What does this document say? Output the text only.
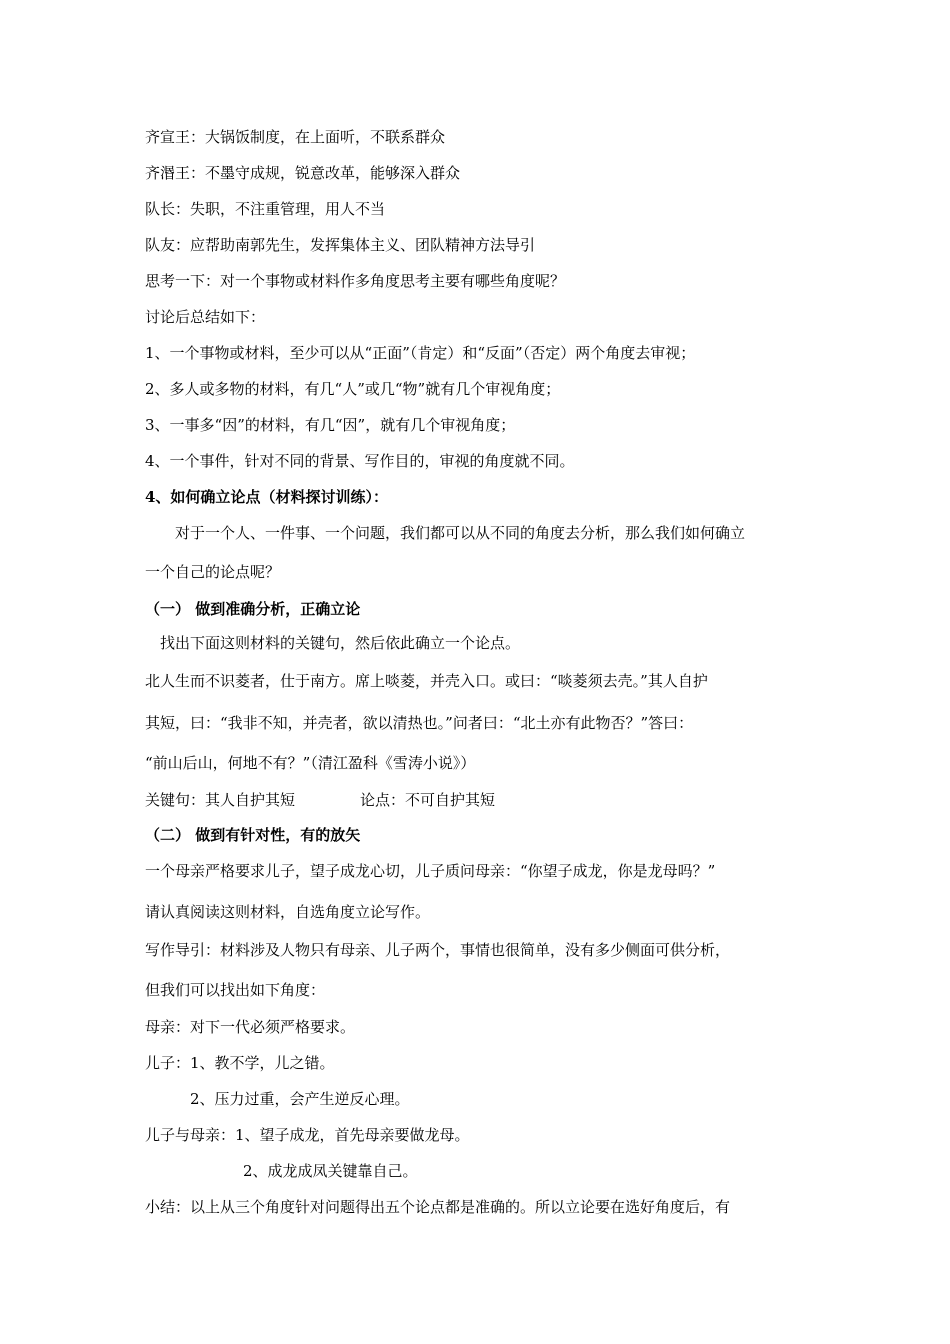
齐宣王：大锅饭制度，在上面听，不联系群众
齐湣王：不墨守成规，锐意改革，能够深入群众
队长：失职，不注重管理，用人不当
队友：应帮助南郭先生，发挥集体主义、团队精神方法导引
思考一下：对一个事物或材料作多角度思考主要有哪些角度呢？
讨论后总结如下：
1、一个事物或材料，至少可以从“正面”（肯定）和“反面”（否定）两个角度去审视；
2、多人或多物的材料，有几“人”或几“物”就有几个审视角度；
3、一事多“因”的材料，有几“因”，就有几个审视角度；
4、一个事件，针对不同的背景、写作目的，审视的角度就不同。
4、如何确立论点（材料探讨训练）：
对于一个人、一件事、一个问题，我们都可以从不同的角度去分析，那么我们如何确立
一个自己的论点呢？
（一） 做到准确分析，正确立论
找出下面这则材料的关键句，然后依此确立一个论点。
北人生而不识菱者，仕于南方。席上啖菱，并壳入口。或曰：“啖菱须去壳。”其人自护
其短，曰：“我非不知，并壳者，欲以清热也。”问者曰：“北土亦有此物否？”答曰：
“前山后山，何地不有？”（清江盈科《雪涛小说》）
关键句：其人自护其短	论点：不可自护其短
（二） 做到有针对性，有的放矢
一个母亲严格要求儿子，望子成龙心切，儿子质问母亲：“你望子成龙，你是龙母吗？”
请认真阅读这则材料，自选角度立论写作。
写作导引：材料涉及人物只有母亲、儿子两个，事情也很简单，没有多少侧面可供分析，
但我们可以找出如下角度：
母亲：对下一代必须严格要求。
儿子：1、教不学，儿之错。
2、压力过重，会产生逆反心理。
儿子与母亲：1、望子成龙，首先母亲要做龙母。
2、成龙成凤关键靠自己。
小结：以上从三个角度针对问题得出五个论点都是准确的。所以立论要在选好角度后，有
